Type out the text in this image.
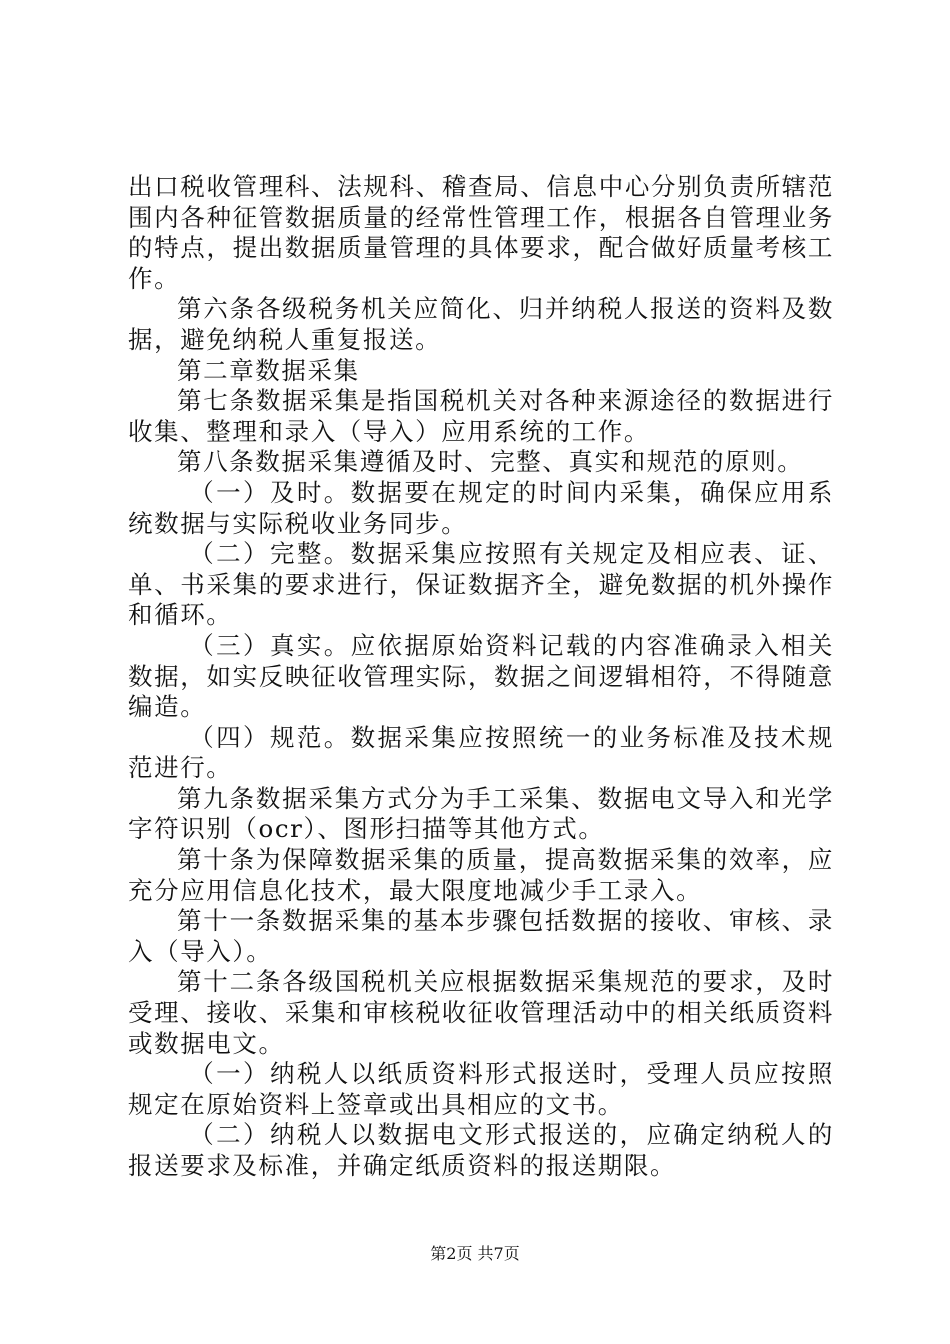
出口税收管理科、法规科、稽查局、信息中心分别负责所辖范围内各种征管数据质量的经常性管理工作，根据各自管理业务的特点，提出数据质量管理的具体要求，配合做好质量考核工作。

第六条各级税务机关应简化、归并纳税人报送的资料及数据，避免纳税人重复报送。

第二章数据采集

第七条数据采集是指国税机关对各种来源途径的数据进行收集、整理和录入（导入）应用系统的工作。

第八条数据采集遵循及时、完整、真实和规范的原则。

（一）及时。数据要在规定的时间内采集，确保应用系统数据与实际税收业务同步。

（二）完整。数据采集应按照有关规定及相应表、证、单、书采集的要求进行，保证数据齐全，避免数据的机外操作和循环。

（三）真实。应依据原始资料记载的内容准确录入相关数据，如实反映征收管理实际，数据之间逻辑相符，不得随意编造。

（四）规范。数据采集应按照统一的业务标准及技术规范进行。

第九条数据采集方式分为手工采集、数据电文导入和光学字符识别（ocr）、图形扫描等其他方式。

第十条为保障数据采集的质量，提高数据采集的效率，应充分应用信息化技术，最大限度地减少手工录入。

第十一条数据采集的基本步骤包括数据的接收、审核、录入（导入）。

第十二条各级国税机关应根据数据采集规范的要求，及时受理、接收、采集和审核税收征收管理活动中的相关纸质资料或数据电文。

（一）纳税人以纸质资料形式报送时，受理人员应按照规定在原始资料上签章或出具相应的文书。

（二）纳税人以数据电文形式报送的，应确定纳税人的报送要求及标准，并确定纸质资料的报送期限。

第2页 共7页
